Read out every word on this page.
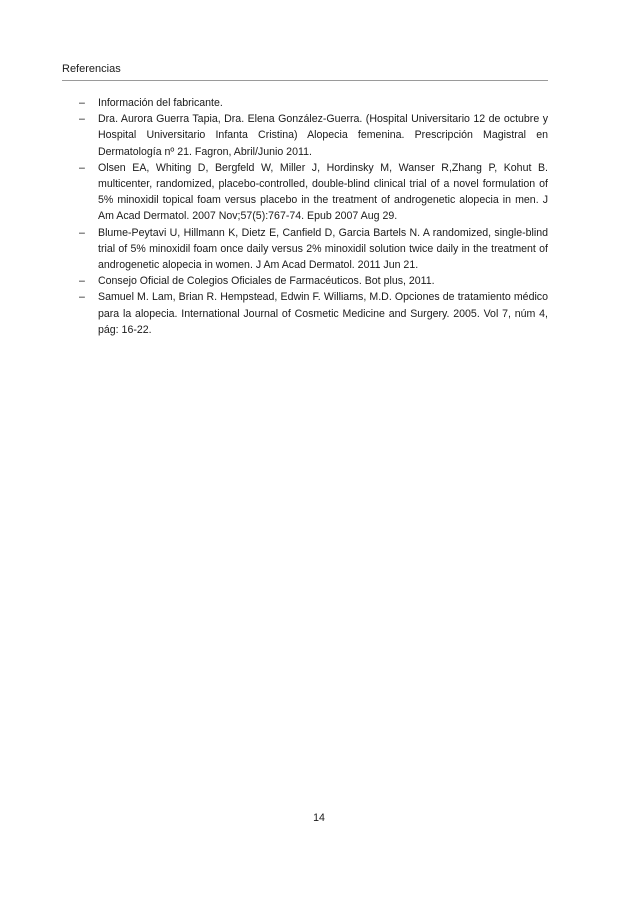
Referencias
–	Información del fabricante.
–	Dra. Aurora Guerra Tapia, Dra. Elena González-Guerra. (Hospital Universitario 12 de octubre y Hospital Universitario Infanta Cristina) Alopecia femenina. Prescripción Magistral en Dermatología nº 21. Fagron, Abril/Junio 2011.
–	Olsen EA, Whiting D, Bergfeld W, Miller J, Hordinsky M, Wanser R,Zhang P, Kohut B. multicenter, randomized, placebo-controlled, double-blind clinical trial of a novel formulation of 5% minoxidil topical foam versus placebo in the treatment of androgenetic alopecia in men. J Am Acad Dermatol. 2007 Nov;57(5):767-74. Epub 2007 Aug 29.
–	Blume-Peytavi U, Hillmann K, Dietz E, Canfield D, Garcia Bartels N. A randomized, single-blind trial of 5% minoxidil foam once daily versus 2% minoxidil solution twice daily in the treatment of androgenetic alopecia in women. J Am Acad Dermatol. 2011 Jun 21.
–	Consejo Oficial de Colegios Oficiales de Farmacéuticos. Bot plus, 2011.
–	Samuel M. Lam, Brian R. Hempstead, Edwin F. Williams, M.D. Opciones de tratamiento médico para la alopecia. International Journal of Cosmetic Medicine and Surgery. 2005. Vol 7, núm 4, pág: 16-22.
14
